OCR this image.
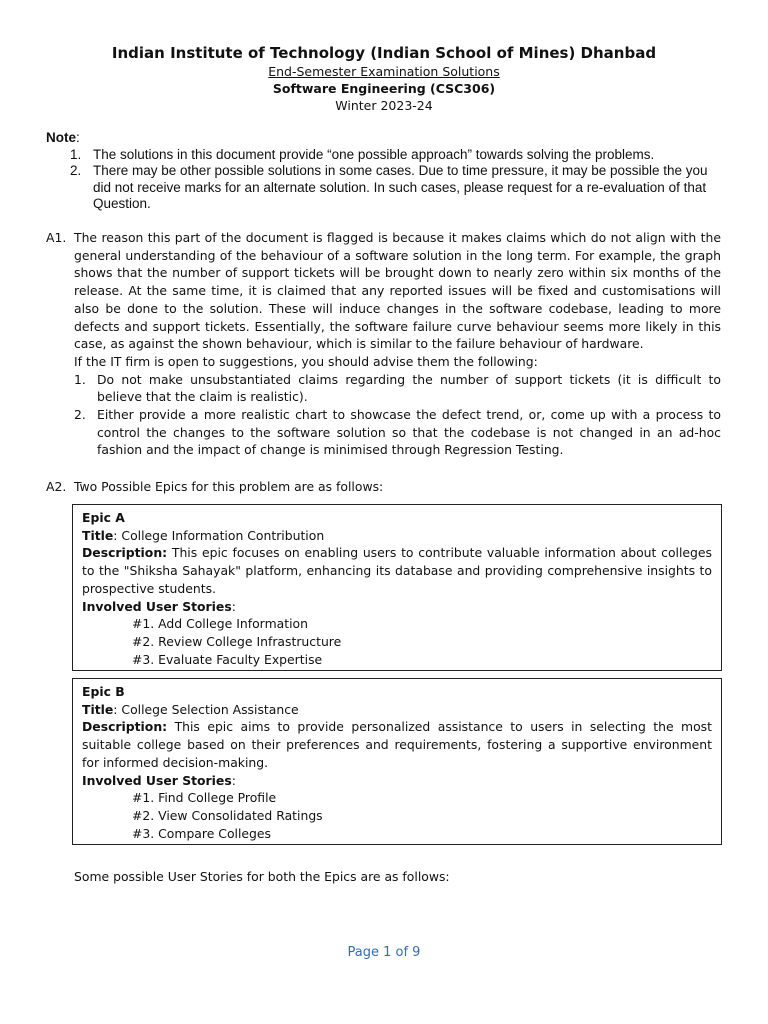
Indian Institute of Technology (Indian School of Mines) Dhanbad
End-Semester Examination Solutions
Software Engineering (CSC306)
Winter 2023-24
Note:
1. The solutions in this document provide “one possible approach” towards solving the problems.
2. There may be other possible solutions in some cases. Due to time pressure, it may be possible the you did not receive marks for an alternate solution. In such cases, please request for a re-evaluation of that Question.
A1. The reason this part of the document is flagged is because it makes claims which do not align with the general understanding of the behaviour of a software solution in the long term. For example, the graph shows that the number of support tickets will be brought down to nearly zero within six months of the release. At the same time, it is claimed that any reported issues will be fixed and customisations will also be done to the solution. These will induce changes in the software codebase, leading to more defects and support tickets. Essentially, the software failure curve behaviour seems more likely in this case, as against the shown behaviour, which is similar to the failure behaviour of hardware.
If the IT firm is open to suggestions, you should advise them the following:
1. Do not make unsubstantiated claims regarding the number of support tickets (it is difficult to believe that the claim is realistic).
2. Either provide a more realistic chart to showcase the defect trend, or, come up with a process to control the changes to the software solution so that the codebase is not changed in an ad-hoc fashion and the impact of change is minimised through Regression Testing.
A2. Two Possible Epics for this problem are as follows:
Epic A
Title: College Information Contribution
Description: This epic focuses on enabling users to contribute valuable information about colleges to the "Shiksha Sahayak" platform, enhancing its database and providing comprehensive insights to prospective students.
Involved User Stories:
#1. Add College Information
#2. Review College Infrastructure
#3. Evaluate Faculty Expertise
Epic B
Title: College Selection Assistance
Description: This epic aims to provide personalized assistance to users in selecting the most suitable college based on their preferences and requirements, fostering a supportive environment for informed decision-making.
Involved User Stories:
#1. Find College Profile
#2. View Consolidated Ratings
#3. Compare Colleges
Some possible User Stories for both the Epics are as follows:
Page 1 of 9
